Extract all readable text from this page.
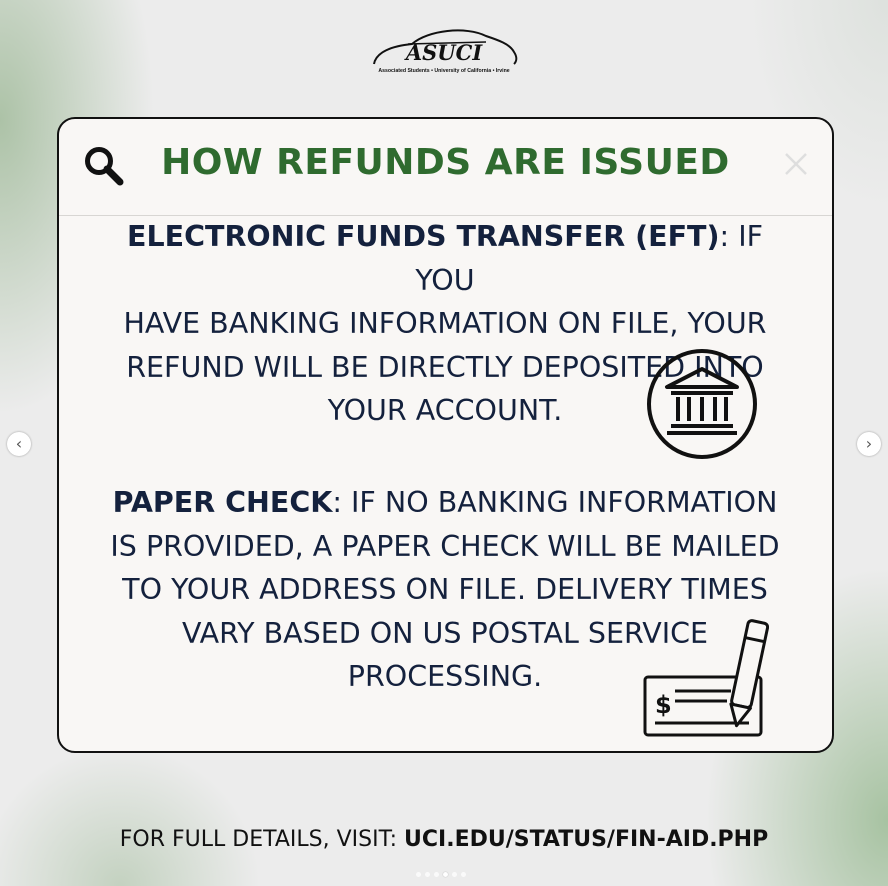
ASUCI
Associated Students • University of California • Irvine
HOW REFUNDS ARE ISSUED
ELECTRONIC FUNDS TRANSFER (EFT): IF YOU
HAVE BANKING INFORMATION ON FILE, YOUR
REFUND WILL BE DIRECTLY DEPOSITED INTO
YOUR ACCOUNT.
PAPER CHECK: IF NO BANKING INFORMATION
IS PROVIDED, A PAPER CHECK WILL BE MAILED
TO YOUR ADDRESS ON FILE. DELIVERY TIMES
VARY BASED ON US POSTAL SERVICE
PROCESSING.
$
‹	›
FOR FULL DETAILS, VISIT: UCI.EDU/STATUS/FIN-AID.PHP
